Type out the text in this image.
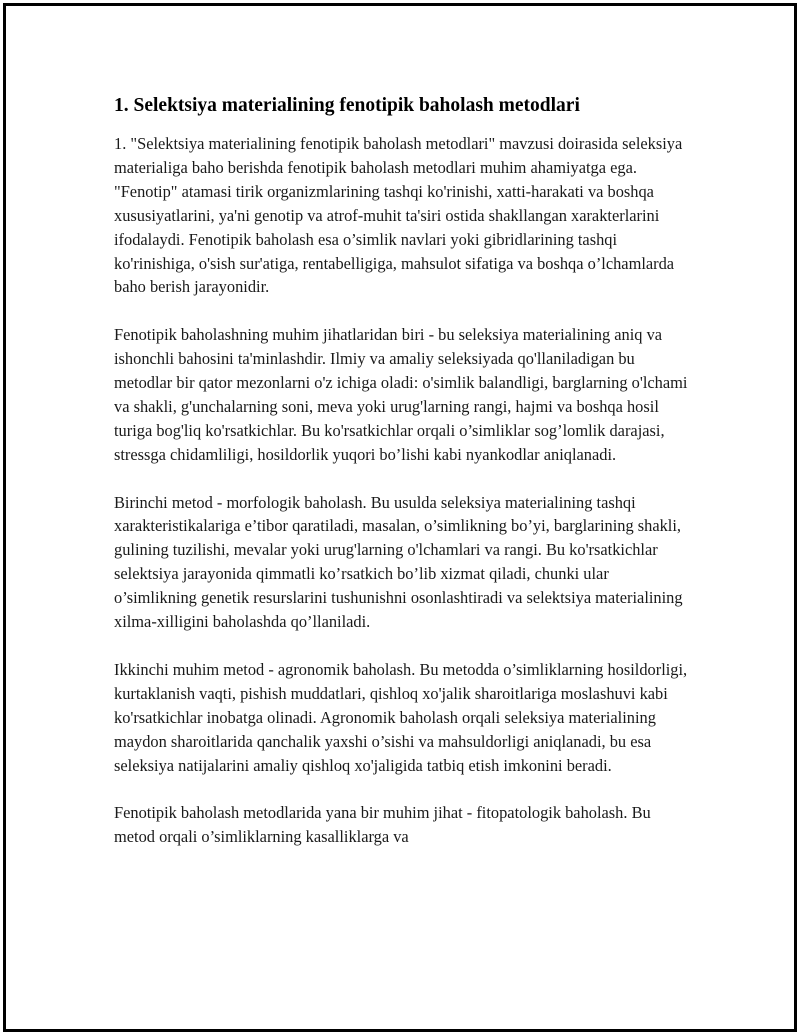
1. Selektsiya materialining fenotipik baholash metodlari

1. "Selektsiya materialining fenotipik baholash metodlari" mavzusi doirasida seleksiya materialiga baho berishda fenotipik baholash metodlari muhim ahamiyatga ega. "Fenotip" atamasi tirik organizmlarining tashqi ko'rinishi, xatti-harakati va boshqa xususiyatlarini, ya'ni genotip va atrof-muhit ta'siri ostida shakllangan xarakterlarini ifodalaydi. Fenotipik baholash esa o’simlik navlari yoki gibridlarining tashqi ko'rinishiga, o'sish sur'atiga, rentabelligiga, mahsulot sifatiga va boshqa o’lchamlarda baho berish jarayonidir.

Fenotipik baholashning muhim jihatlaridan biri - bu seleksiya materialining aniq va ishonchli bahosini ta'minlashdir. Ilmiy va amaliy seleksiyada qo'llaniladigan bu metodlar bir qator mezonlarni o'z ichiga oladi: o'simlik balandligi, barglarning o'lchami va shakli, g'unchalarning soni, meva yoki urug'larning rangi, hajmi va boshqa hosil turiga bog'liq ko'rsatkichlar. Bu ko'rsatkichlar orqali o’simliklar sog’lomlik darajasi, stressga chidamliligi, hosildorlik yuqori bo’lishi kabi nyankodlar aniqlanadi.

Birinchi metod - morfologik baholash. Bu usulda seleksiya materialining tashqi xarakteristikalariga e’tibor qaratiladi, masalan, o’simlikning bo’yi, barglarining shakli, gulining tuzilishi, mevalar yoki urug'larning o'lchamlari va rangi. Bu ko'rsatkichlar selektsiya jarayonida qimmatli ko’rsatkich bo’lib xizmat qiladi, chunki ular o’simlikning genetik resurslarini tushunishni osonlashtiradi va selektsiya materialining xilma-xilligini baholashda qo’llaniladi.

Ikkinchi muhim metod - agronomik baholash. Bu metodda o’simliklarning hosildorligi, kurtaklanish vaqti, pishish muddatlari, qishloq xo'jalik sharoitlariga moslashuvi kabi ko'rsatkichlar inobatga olinadi. Agronomik baholash orqali seleksiya materialining maydon sharoitlarida qanchalik yaxshi o’sishi va mahsuldorligi aniqlanadi, bu esa seleksiya natijalarini amaliy qishloq xo'jaligida tatbiq etish imkonini beradi.

Fenotipik baholash metodlarida yana bir muhim jihat - fitopatologik baholash. Bu metod orqali o’simliklarning kasalliklarga va
